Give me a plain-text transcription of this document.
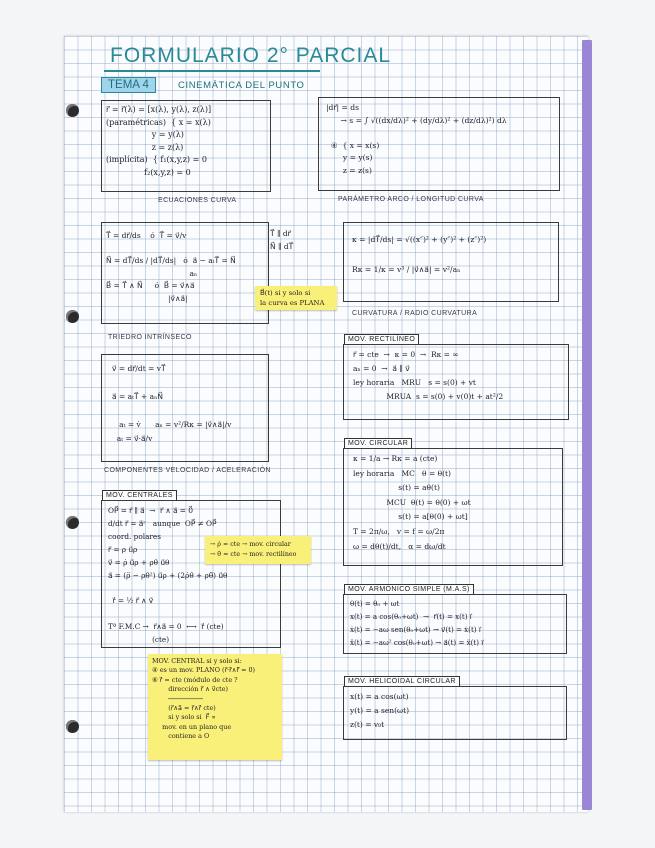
FORMULARIO 2° PARCIAL
TEMA 4	CINEMÁTICA DEL PUNTO
r⃗ = r⃗(λ) = [x(λ), y(λ), z(λ)]
(paramétricas)  { x = x(λ)
y = y(λ)
z = z(λ)
(implícita)  { f₁(x,y,z) = 0
f₂(x,y,z) = 0
ECUACIONES CURVA
|dr⃗| = ds
→ s = ∫ √((dx/dλ)² + (dy/dλ)² + (dz/dλ)²) dλ

④  { x = x(s)
y = y(s)
z = z(s)
PARÁMETRO ARCO / LONGITUD CURVA
T⃗ = dr⃗/ds    ó  T⃗ = v⃗/v

N⃗ = dT⃗/ds / |dT⃗/ds|   ó  a⃗ − aₜT⃗ = N⃗
aₙ
B⃗ = T⃗ ∧ N⃗     ó  B⃗ = v⃗∧a⃗
|v⃗∧a⃗|
T⃗ ∥ dr⃗
N⃗ ∥ dT⃗
TRIEDRO INTRÍNSECO
B⃗(t) si y solo si
la curva es PLANA
κ = |dT⃗/ds| = √((x″)² + (y″)² + (z″)²)

Rκ = 1/κ = v³ / |v⃗∧a⃗| = v²/aₙ
CURVATURA / RADIO CURVATURA
v⃗ = dr⃗/dt = vT⃗

a⃗ = aₜT⃗ + aₙN⃗

aₜ = v̇      aₙ = v²/Rκ = |v⃗∧a⃗|/v
aₜ = v⃗·a⃗/v
COMPONENTES VELOCIDAD / ACELERACIÓN
MOV. RECTILÍNEO
r⃗ = cte  →  κ = 0  →  Rκ = ∞
aₙ = 0  →  a⃗ ∥ v⃗
ley horaria   MRU   s = s(0) + vt
MRUA  s = s(0) + v(0)t + at²/2
MOV. CIRCULAR
κ = 1/a → Rκ = a (cte)
ley horaria   MC   θ = θ(t)
s(t) = aθ(t)
MCU  θ(t) = θ(0) + ωt
s(t) = a[θ(0) + ωt]
T = 2π/ω,   v = f = ω/2π
ω = dθ(t)/dt,   α = dω/dt
MOV. CENTRALES
OP⃗ = r⃗ ∥ a⃗  →  r⃗ ∧ a⃗ = 0⃗
d/dt r⃗ = a⃗ʳ   aunque  OP⃗ ≠ OP⃗
coord. polares
r⃗ = ρ u⃗ρ
v⃗ = ρ̇ u⃗ρ + ρθ̇ u⃗θ
a⃗ = (ρ̈ − ρθ̇²) u⃗ρ + (2ρ̇θ̇ + ρθ̈) u⃗θ

ṙ⃗ = ½ r⃗ ∧ v⃗

Tª F.M.C →  r⃗∧a⃗ = 0  ⟷  ṙ⃗ (cte)
(cte)
→ ρ̇ = cte → mov. circular
→ θ̇ = cte → mov. rectilíneo
MOV. ARMÓNICO SIMPLE (M.A.S)
θ(t) = θ₀ + ωt
x(t) = a cos(θ₀+ωt)  →  r⃗(t) = x(t) i⃗
ẋ(t) = −aω sen(θ₀+ωt) → v⃗(t) = ẋ(t) i⃗
ẍ(t) = −aω² cos(θ₀+ωt) → a⃗(t) = ẍ(t) i⃗
MOV. HELICOIDAL CIRCULAR
x(t) = a cos(ωt)
y(t) = a sen(ωt)
z(t) = v₀t
MOV. CENTRAL si y solo si:
④ es un mov. PLANO (r⃗·ṙ⃗∧r̈⃗ = 0)
⑥ ṙ⃗ = cte (módulo de cte ?
dirección r⃗ ∧ v⃗cte)
─────────
(r⃗∧a⃗ = r⃗∧ṙ⃗ cte)
si y solo si  F⃗ ∝
mov. en un plano que
contiene a O
